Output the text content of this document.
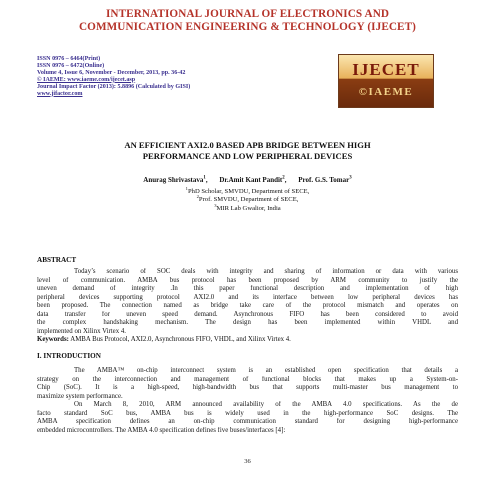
INTERNATIONAL JOURNAL OF ELECTRONICS AND
COMMUNICATION ENGINEERING & TECHNOLOGY (IJECET)
ISSN 0976 – 6464(Print)
ISSN 0976 – 6472(Online)
Volume 4, Issue 6, November - December, 2013, pp. 36-42
© IAEME: www.iaeme.com/ijecet.asp
Journal Impact Factor (2013): 5.8896 (Calculated by GISI)
www.jifactor.com
IJECET
©IAEME
AN EFFICIENT AXI2.0 BASED APB BRIDGE BETWEEN HIGH
PERFORMANCE AND LOW PERIPHERAL DEVICES
Anurag Shrivastava$^1$, Dr.Amit Kant Pandit$^2$, Prof. G.S. Tomar$^3$
$^1$PhD Scholar, SMVDU, Department of SECE,
$^2$Prof. SMVDU, Department of SECE,
$^3$MIR Lab Gwalior, India
ABSTRACT
Today’s scenario of SOC deals with integrity and sharing of information or data with various
level of communication. AMBA bus protocol has been proposed by ARM community to justify the
uneven demand of integrity .In this paper functional description and implementation of high
peripheral devices supporting protocol AXI2.0 and its interface between low peripheral devices has
been proposed. The connection named as bridge take care of the protocol mismatch and operates on
data transfer for uneven speed demand. Asynchronous FIFO has been considered to avoid
the complex handshaking mechanism. The design has been implemented within VHDL and
implemented on Xilinx Virtex 4.
Keywords: AMBA Bus Protocol, AXI2.0, Asynchronous FIFO, VHDL, and Xilinx Virtex 4.
I. INTRODUCTION
The AMBA™ on-chip interconnect system is an established open specification that details a
strategy on the interconnection and management of functional blocks that makes up a System-on-
Chip (SoC). It is a high-speed, high-bandwidth bus that supports multi-master bus management to
maximize system performance.
On March 8, 2010, ARM announced availability of the AMBA 4.0 specifications. As the de
facto standard SoC bus, AMBA bus is widely used in the high-performance SoC designs. The
AMBA specification defines an on-chip communication standard for designing high-performance
embedded microcontrollers. The AMBA 4.0 specification defines five buses/interfaces [4]:
36
